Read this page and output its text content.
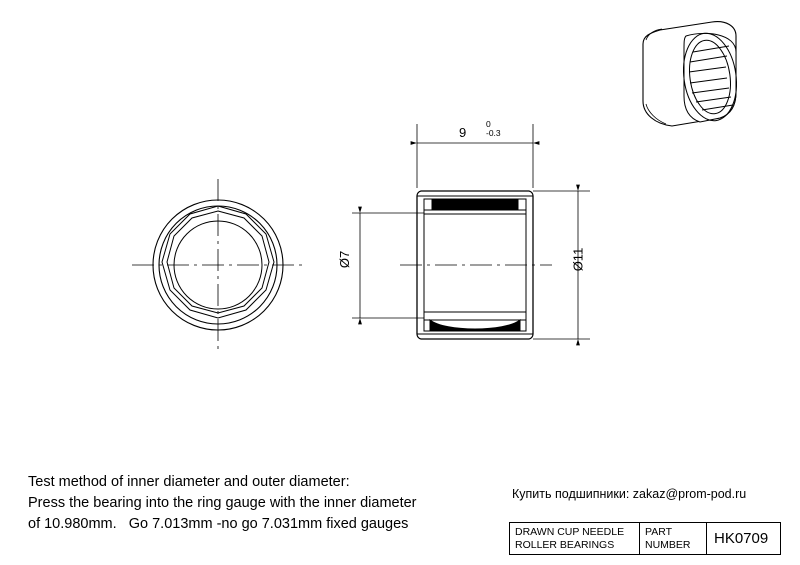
9
0
-0.3
Ø7	Ø11
Test method of inner diameter and outer diameter:
Press the bearing into the ring gauge with the inner diameter
of 10.980mm.   Go 7.013mm -no go 7.031mm fixed gauges
Купить подшипники: zakaz@prom-pod.ru
DRAWN CUP NEEDLE
ROLLER BEARINGS
PART
NUMBER	HK0709
